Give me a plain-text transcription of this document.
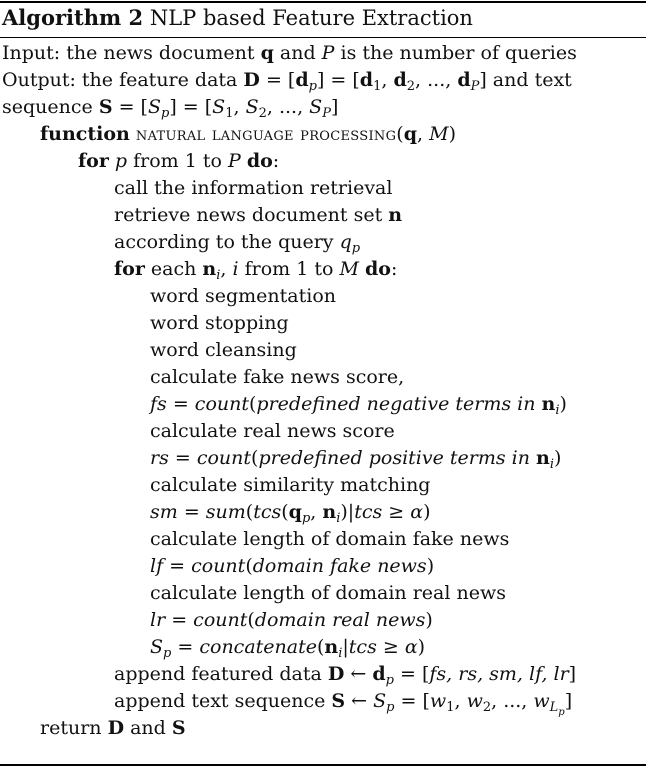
Algorithm 2 NLP based Feature Extraction
Input: the news document q and P is the number of queries
Output: the feature data $D = [d_p] = [d_1$, $d_2$, ..., $d_P$] and text
sequence $S = [S_p] = [S_1$, $S_2$, ..., $S_P$]
function natural language processing(q, M)
for p from 1 to P do:
call the information retrieval
retrieve news document set n
according to the query $q_p$
for each $n_i$, i from 1 to M do:
word segmentation
word stopping
word cleansing
calculate fake news score,
fs = count(predefined negative terms in $n_i$)
calculate real news score
rs = count(predefined positive terms in $n_i$)
calculate similarity matching
sm = $sum(tcs(q_p$, $n_i)|tcs \ge \alpha$)
calculate length of domain fake news
lf = count(domain fake news)
calculate length of domain real news
lr = count(domain real news)
$S_p$ = $concatenate(n_i|tcs \ge \alpha)$
append featured data D ← $d_p = [fs$, rs, sm, lf, lr]
append text sequence S ← $S_p = [w_1$, $w_2$, ..., $w_{L_p}$]
return D and S
